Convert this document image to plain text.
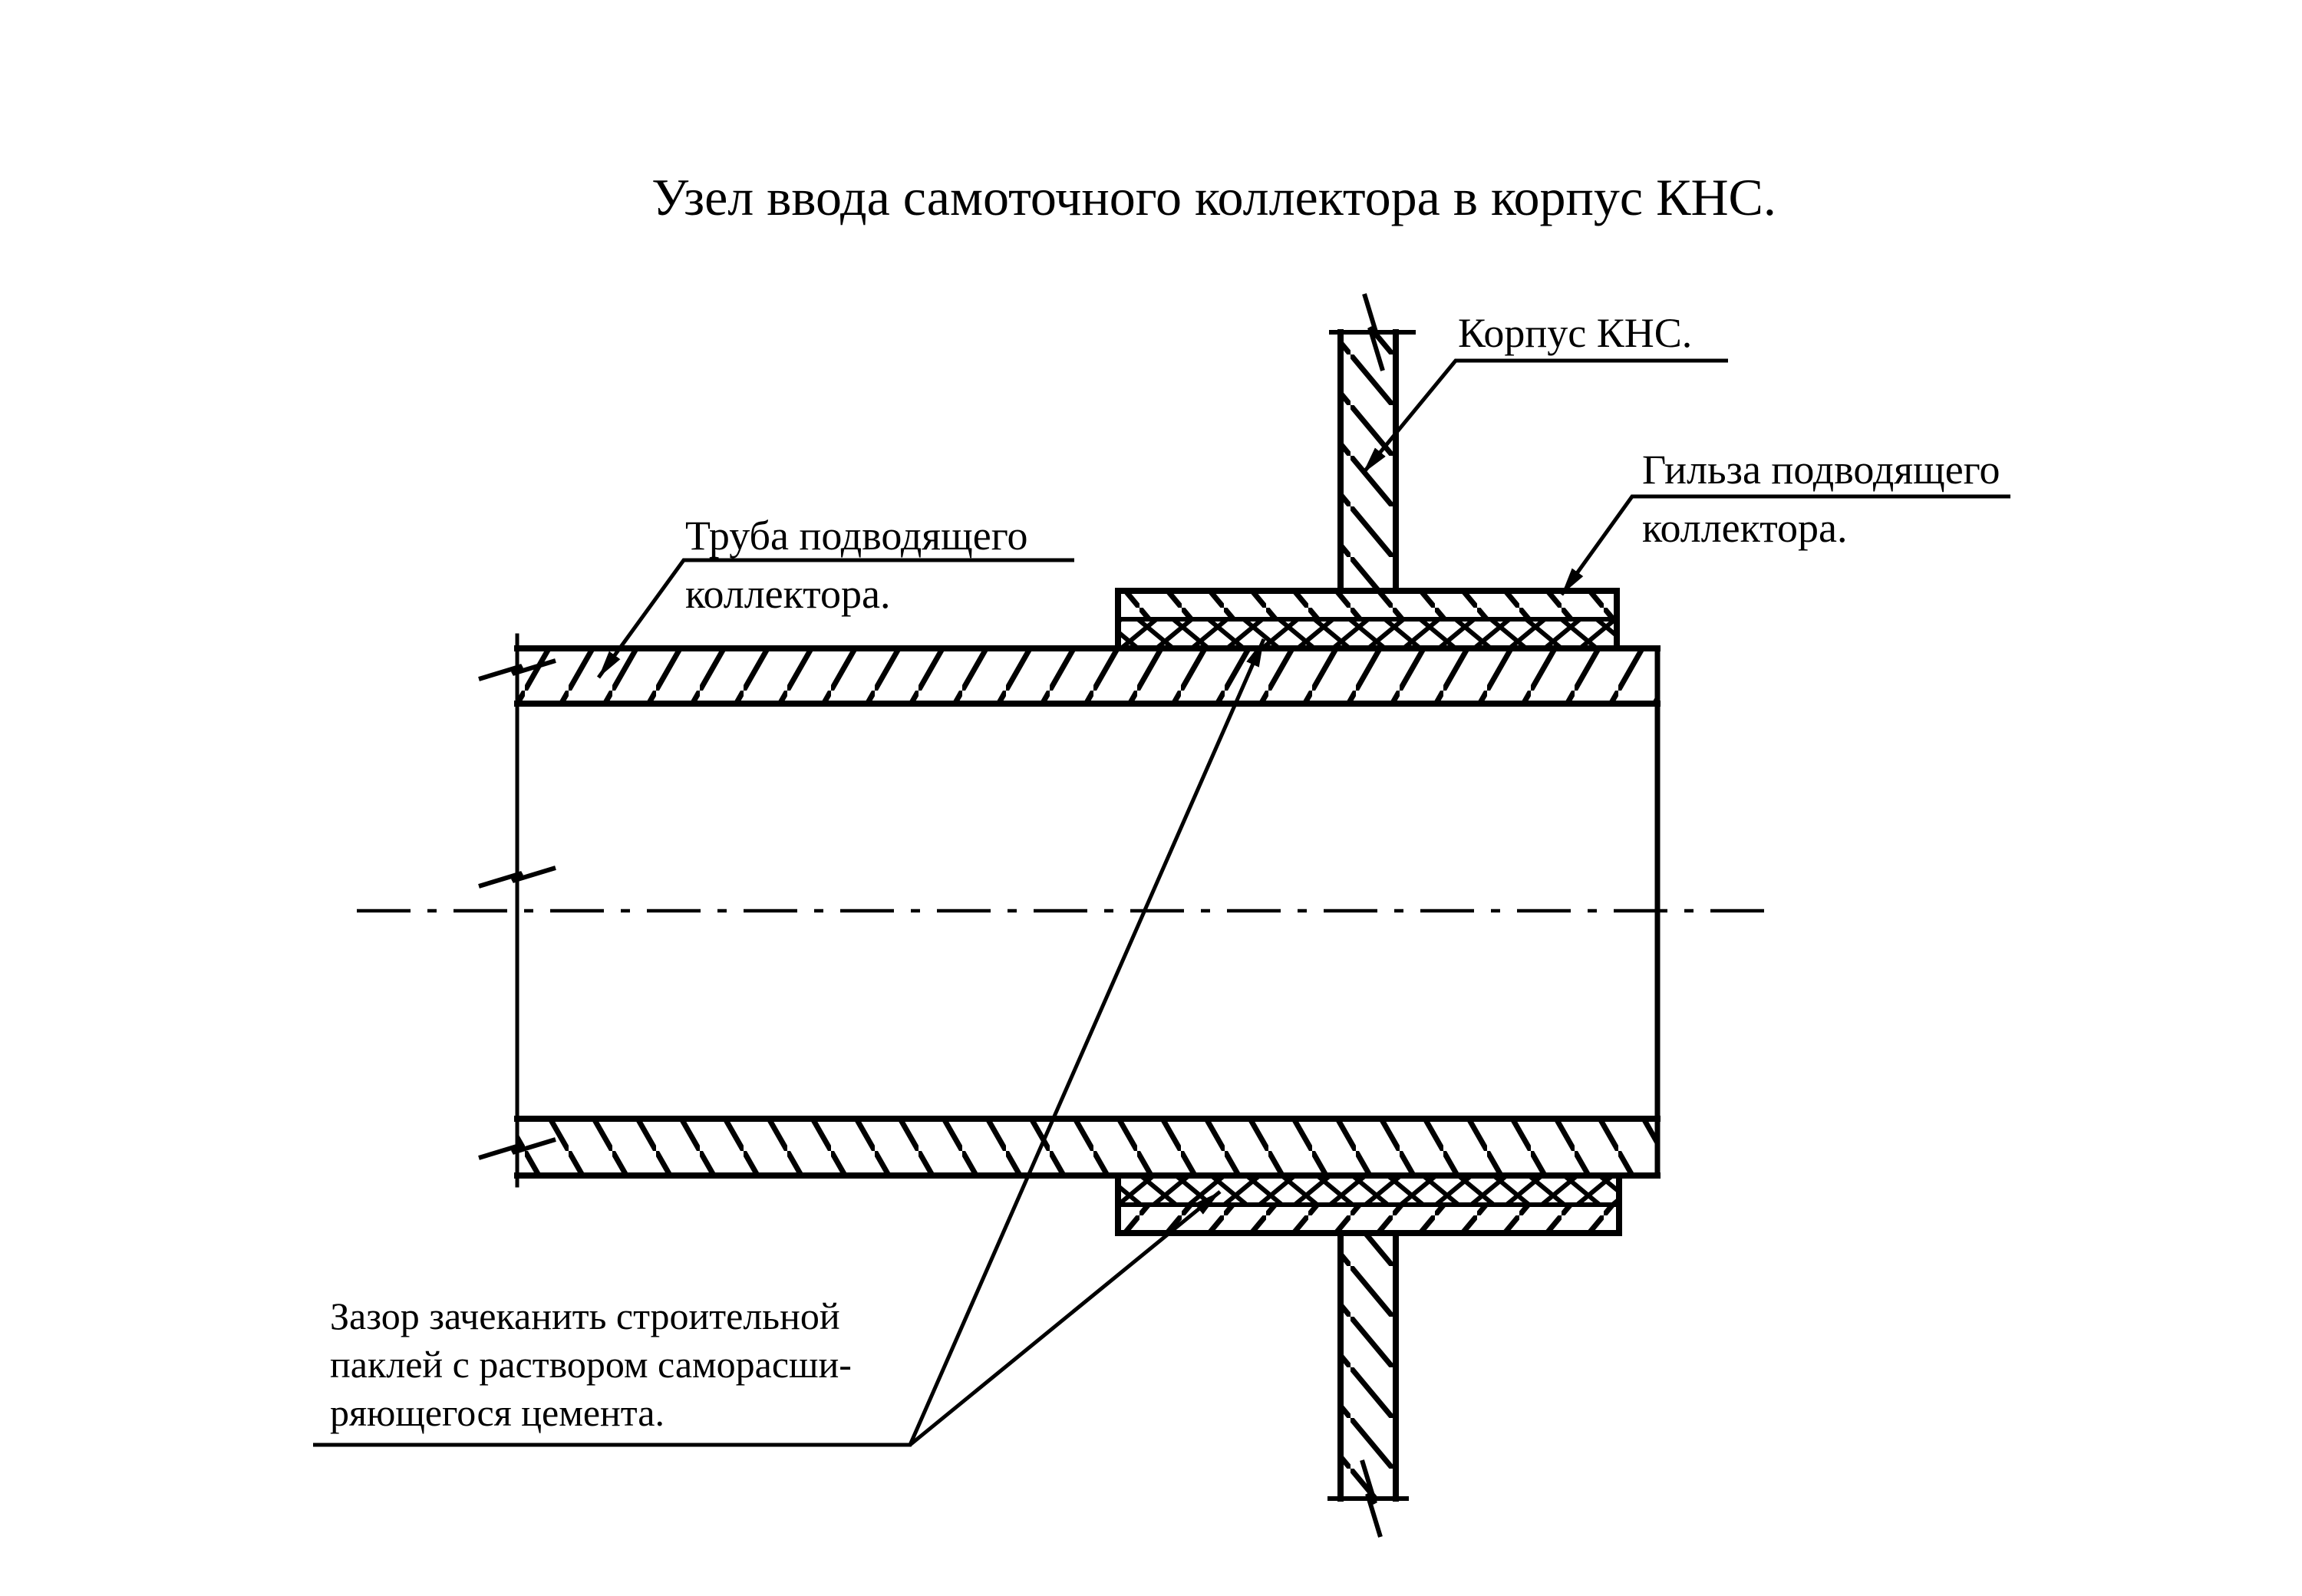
Узел ввода самоточного коллектора в корпус КНС.
Корпус КНС.
Гильза подводящего
коллектора.
Труба подводящего
коллектора.
Зазор зачеканить строительной
паклей с раствором саморасши-
ряющегося цемента.
